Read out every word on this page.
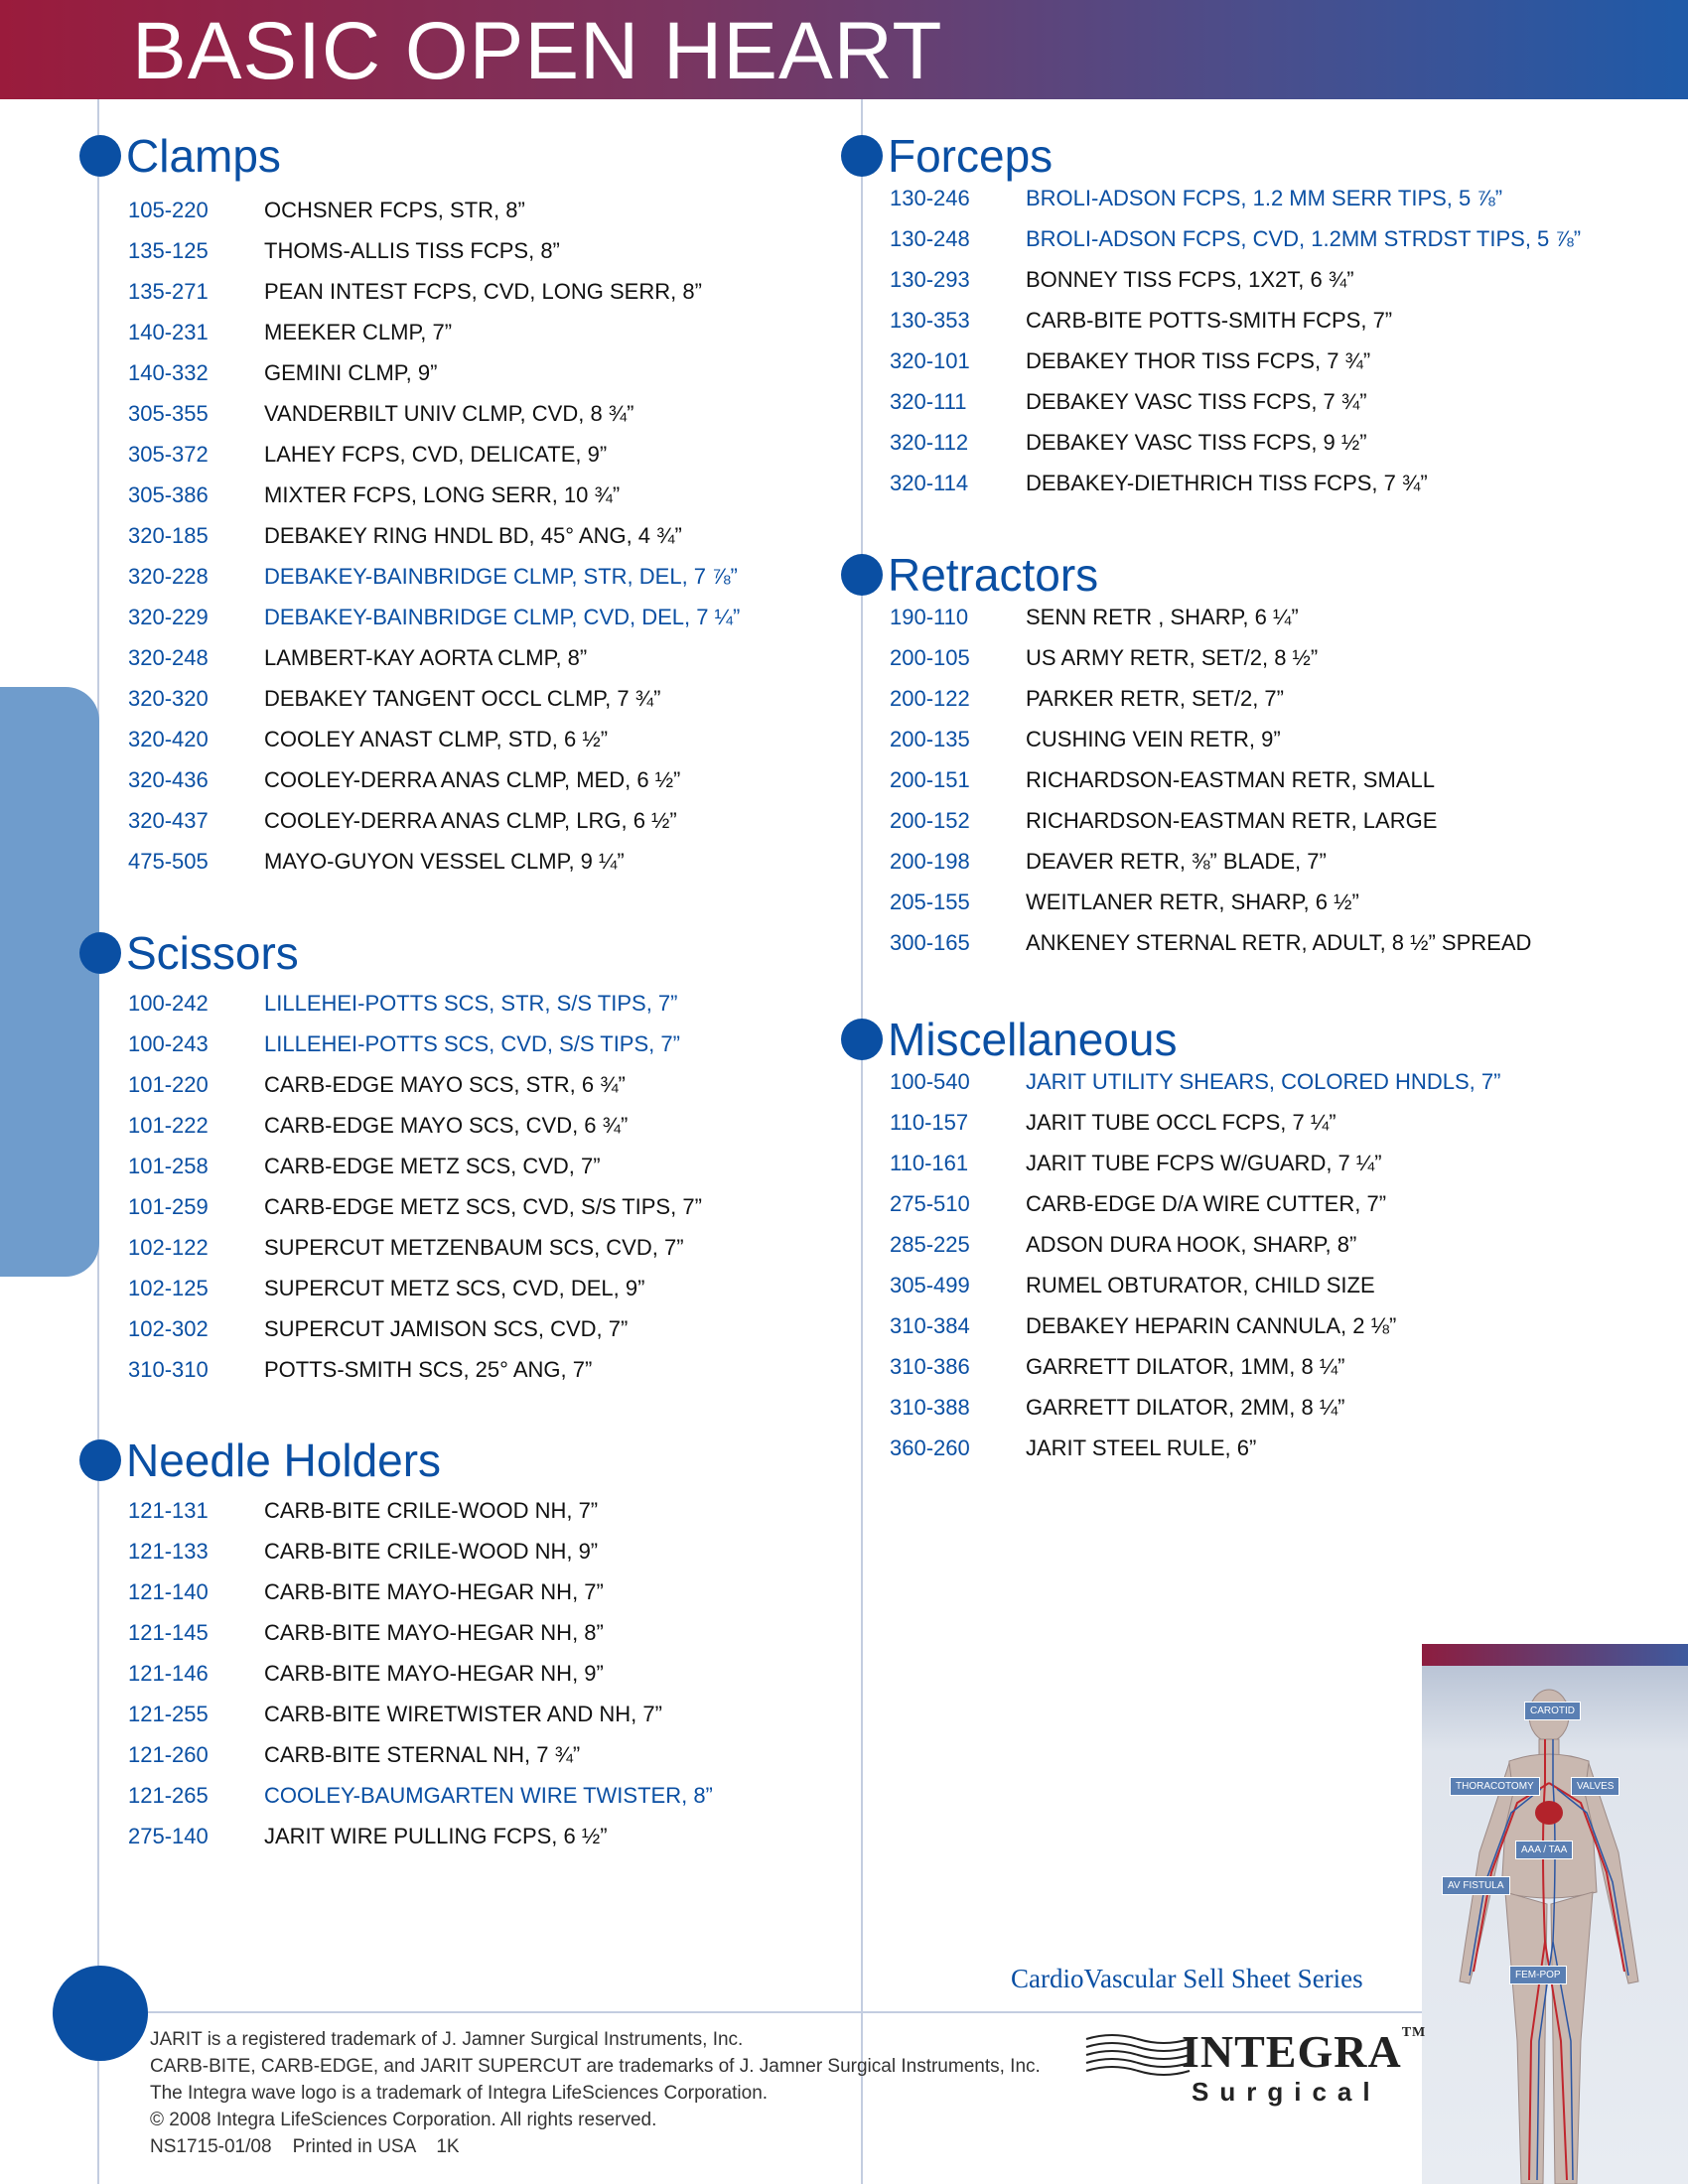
BASIC OPEN HEART
Clamps
105-220	OCHSNER FCPS, STR, 8”
135-125	THOMS-ALLIS TISS FCPS, 8”
135-271	PEAN INTEST FCPS, CVD, LONG SERR, 8”
140-231	MEEKER CLMP, 7”
140-332	GEMINI CLMP, 9”
305-355	VANDERBILT UNIV CLMP, CVD, 8 ¾”
305-372	LAHEY FCPS, CVD, DELICATE, 9”
305-386	MIXTER FCPS, LONG SERR, 10 ¾”
320-185	DEBAKEY RING HNDL BD, 45° ANG, 4 ¾”
320-228	DEBAKEY-BAINBRIDGE CLMP, STR, DEL, 7 ⅞”
320-229	DEBAKEY-BAINBRIDGE CLMP, CVD, DEL, 7 ¼”
320-248	LAMBERT-KAY AORTA CLMP, 8”
320-320	DEBAKEY TANGENT OCCL CLMP, 7 ¾”
320-420	COOLEY ANAST CLMP, STD, 6 ½”
320-436	COOLEY-DERRA ANAS CLMP, MED, 6 ½”
320-437	COOLEY-DERRA ANAS CLMP, LRG, 6 ½”
475-505	MAYO-GUYON VESSEL CLMP, 9 ¼”
Scissors
100-242	LILLEHEI-POTTS SCS, STR, S/S TIPS, 7”
100-243	LILLEHEI-POTTS SCS, CVD, S/S TIPS, 7”
101-220	CARB-EDGE MAYO SCS, STR, 6 ¾”
101-222	CARB-EDGE MAYO SCS, CVD, 6 ¾”
101-258	CARB-EDGE METZ SCS, CVD, 7”
101-259	CARB-EDGE METZ SCS, CVD, S/S TIPS, 7”
102-122	SUPERCUT METZENBAUM SCS, CVD, 7”
102-125	SUPERCUT METZ SCS, CVD, DEL, 9”
102-302	SUPERCUT JAMISON SCS, CVD, 7”
310-310	POTTS-SMITH SCS, 25° ANG, 7”
Needle Holders
121-131	CARB-BITE CRILE-WOOD NH, 7”
121-133	CARB-BITE CRILE-WOOD NH, 9”
121-140	CARB-BITE MAYO-HEGAR NH, 7”
121-145	CARB-BITE MAYO-HEGAR NH, 8”
121-146	CARB-BITE MAYO-HEGAR NH, 9”
121-255	CARB-BITE WIRETWISTER AND NH, 7”
121-260	CARB-BITE STERNAL NH, 7 ¾”
121-265	COOLEY-BAUMGARTEN WIRE TWISTER, 8”
275-140	JARIT WIRE PULLING FCPS, 6 ½”
Forceps
130-246	BROLI-ADSON FCPS, 1.2 MM SERR TIPS, 5 ⅞”
130-248	BROLI-ADSON FCPS, CVD, 1.2MM STRDST TIPS, 5 ⅞”
130-293	BONNEY TISS FCPS, 1X2T, 6 ¾”
130-353	CARB-BITE POTTS-SMITH FCPS, 7”
320-101	DEBAKEY THOR TISS FCPS, 7 ¾”
320-111	DEBAKEY VASC TISS FCPS, 7 ¾”
320-112	DEBAKEY VASC TISS FCPS, 9 ½”
320-114	DEBAKEY-DIETHRICH TISS FCPS, 7 ¾”
Retractors
190-110	SENN RETR , SHARP, 6 ¼”
200-105	US ARMY RETR, SET/2, 8 ½”
200-122	PARKER RETR, SET/2, 7”
200-135	CUSHING VEIN RETR, 9”
200-151	RICHARDSON-EASTMAN RETR, SMALL
200-152	RICHARDSON-EASTMAN RETR, LARGE
200-198	DEAVER RETR, ⅜” BLADE, 7”
205-155	WEITLANER RETR, SHARP, 6 ½”
300-165	ANKENEY STERNAL RETR, ADULT, 8 ½” SPREAD
Miscellaneous
100-540	JARIT UTILITY SHEARS, COLORED HNDLS, 7”
110-157	JARIT TUBE OCCL FCPS, 7 ¼”
110-161	JARIT TUBE FCPS W/GUARD, 7 ¼”
275-510	CARB-EDGE D/A WIRE CUTTER, 7”
285-225	ADSON DURA HOOK, SHARP, 8”
305-499	RUMEL OBTURATOR, CHILD SIZE
310-384	DEBAKEY HEPARIN CANNULA, 2 ⅛”
310-386	GARRETT DILATOR, 1MM, 8 ¼”
310-388	GARRETT DILATOR, 2MM, 8 ¼”
360-260	JARIT STEEL RULE, 6”
CAROTID
THORACOTOMY	VALVES
AAA / TAA
AV FISTULA
FEM-POP
CardioVascular Sell Sheet Series
JARIT is a registered trademark of J. Jamner Surgical Instruments, Inc.
CARB-BITE, CARB-EDGE, and JARIT SUPERCUT are trademarks of J. Jamner Surgical Instruments, Inc.
The Integra wave logo is a trademark of Integra LifeSciences Corporation.
© 2008 Integra LifeSciences Corporation. All rights reserved.
NS1715-01/08    Printed in USA    1K
INTEGRA™
Surgical
